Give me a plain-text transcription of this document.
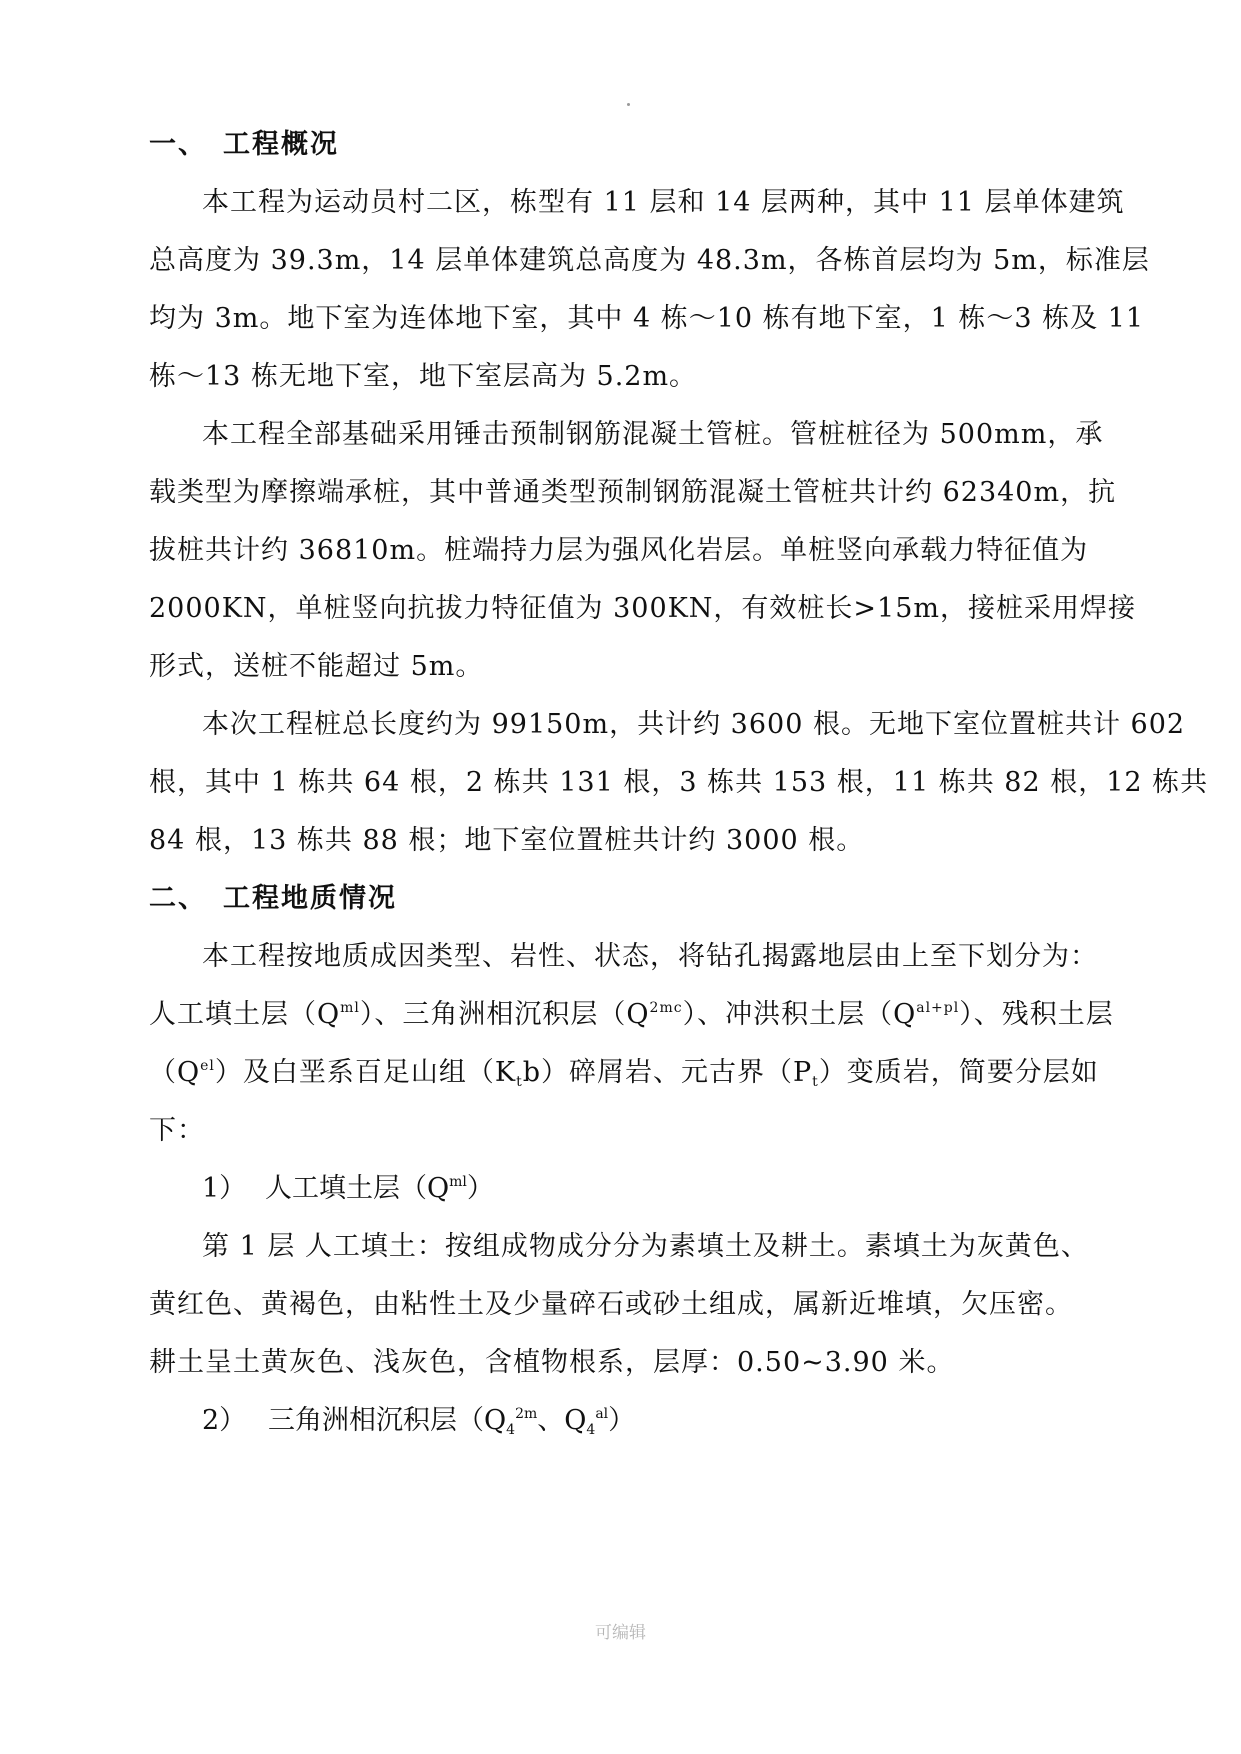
一、 工程概况
本工程为运动员村二区，栋型有 11 层和 14 层两种，其中 11 层单体建筑
总高度为 39.3m，14 层单体建筑总高度为 48.3m，各栋首层均为 5m，标准层
均为 3m。地下室为连体地下室，其中 4 栋～10 栋有地下室，1 栋～3 栋及 11
栋～13 栋无地下室，地下室层高为 5.2m。
本工程全部基础采用锤击预制钢筋混凝土管桩。管桩桩径为 500mm，承
载类型为摩擦端承桩，其中普通类型预制钢筋混凝土管桩共计约 62340m，抗
拔桩共计约 36810m。桩端持力层为强风化岩层。单桩竖向承载力特征值为
2000KN，单桩竖向抗拔力特征值为 300KN，有效桩长>15m，接桩采用焊接
形式，送桩不能超过 5m。
本次工程桩总长度约为 99150m，共计约 3600 根。无地下室位置桩共计 602
根，其中 1 栋共 64 根，2 栋共 131 根，3 栋共 153 根，11 栋共 82 根，12 栋共
84 根，13 栋共 88 根；地下室位置桩共计约 3000 根。
二、 工程地质情况
本工程按地质成因类型、岩性、状态，将钻孔揭露地层由上至下划分为：
人工填土层$(Q^{ml})$、三角洲相沉积层$(Q^{2mc})$、冲洪积土层$(Q^{al+pl})$、残积土层
$(Q^{el})$及白垩系百足山组$(K_tb)$碎屑岩、元古界$(P_t)$变质岩，简要分层如
下：
1） 人工填土层$(Q^{ml})$
第 1 层 人工填土：按组成物成分分为素填土及耕土。素填土为灰黄色、
黄红色、黄褐色，由粘性土及少量碎石或砂土组成，属新近堆填，欠压密。
耕土呈土黄灰色、浅灰色，含植物根系，层厚：0.50~3.90 米。
2） 三角洲相沉积层（$Q_4^{2m}$、$Q_4^{al}$）
可编辑
